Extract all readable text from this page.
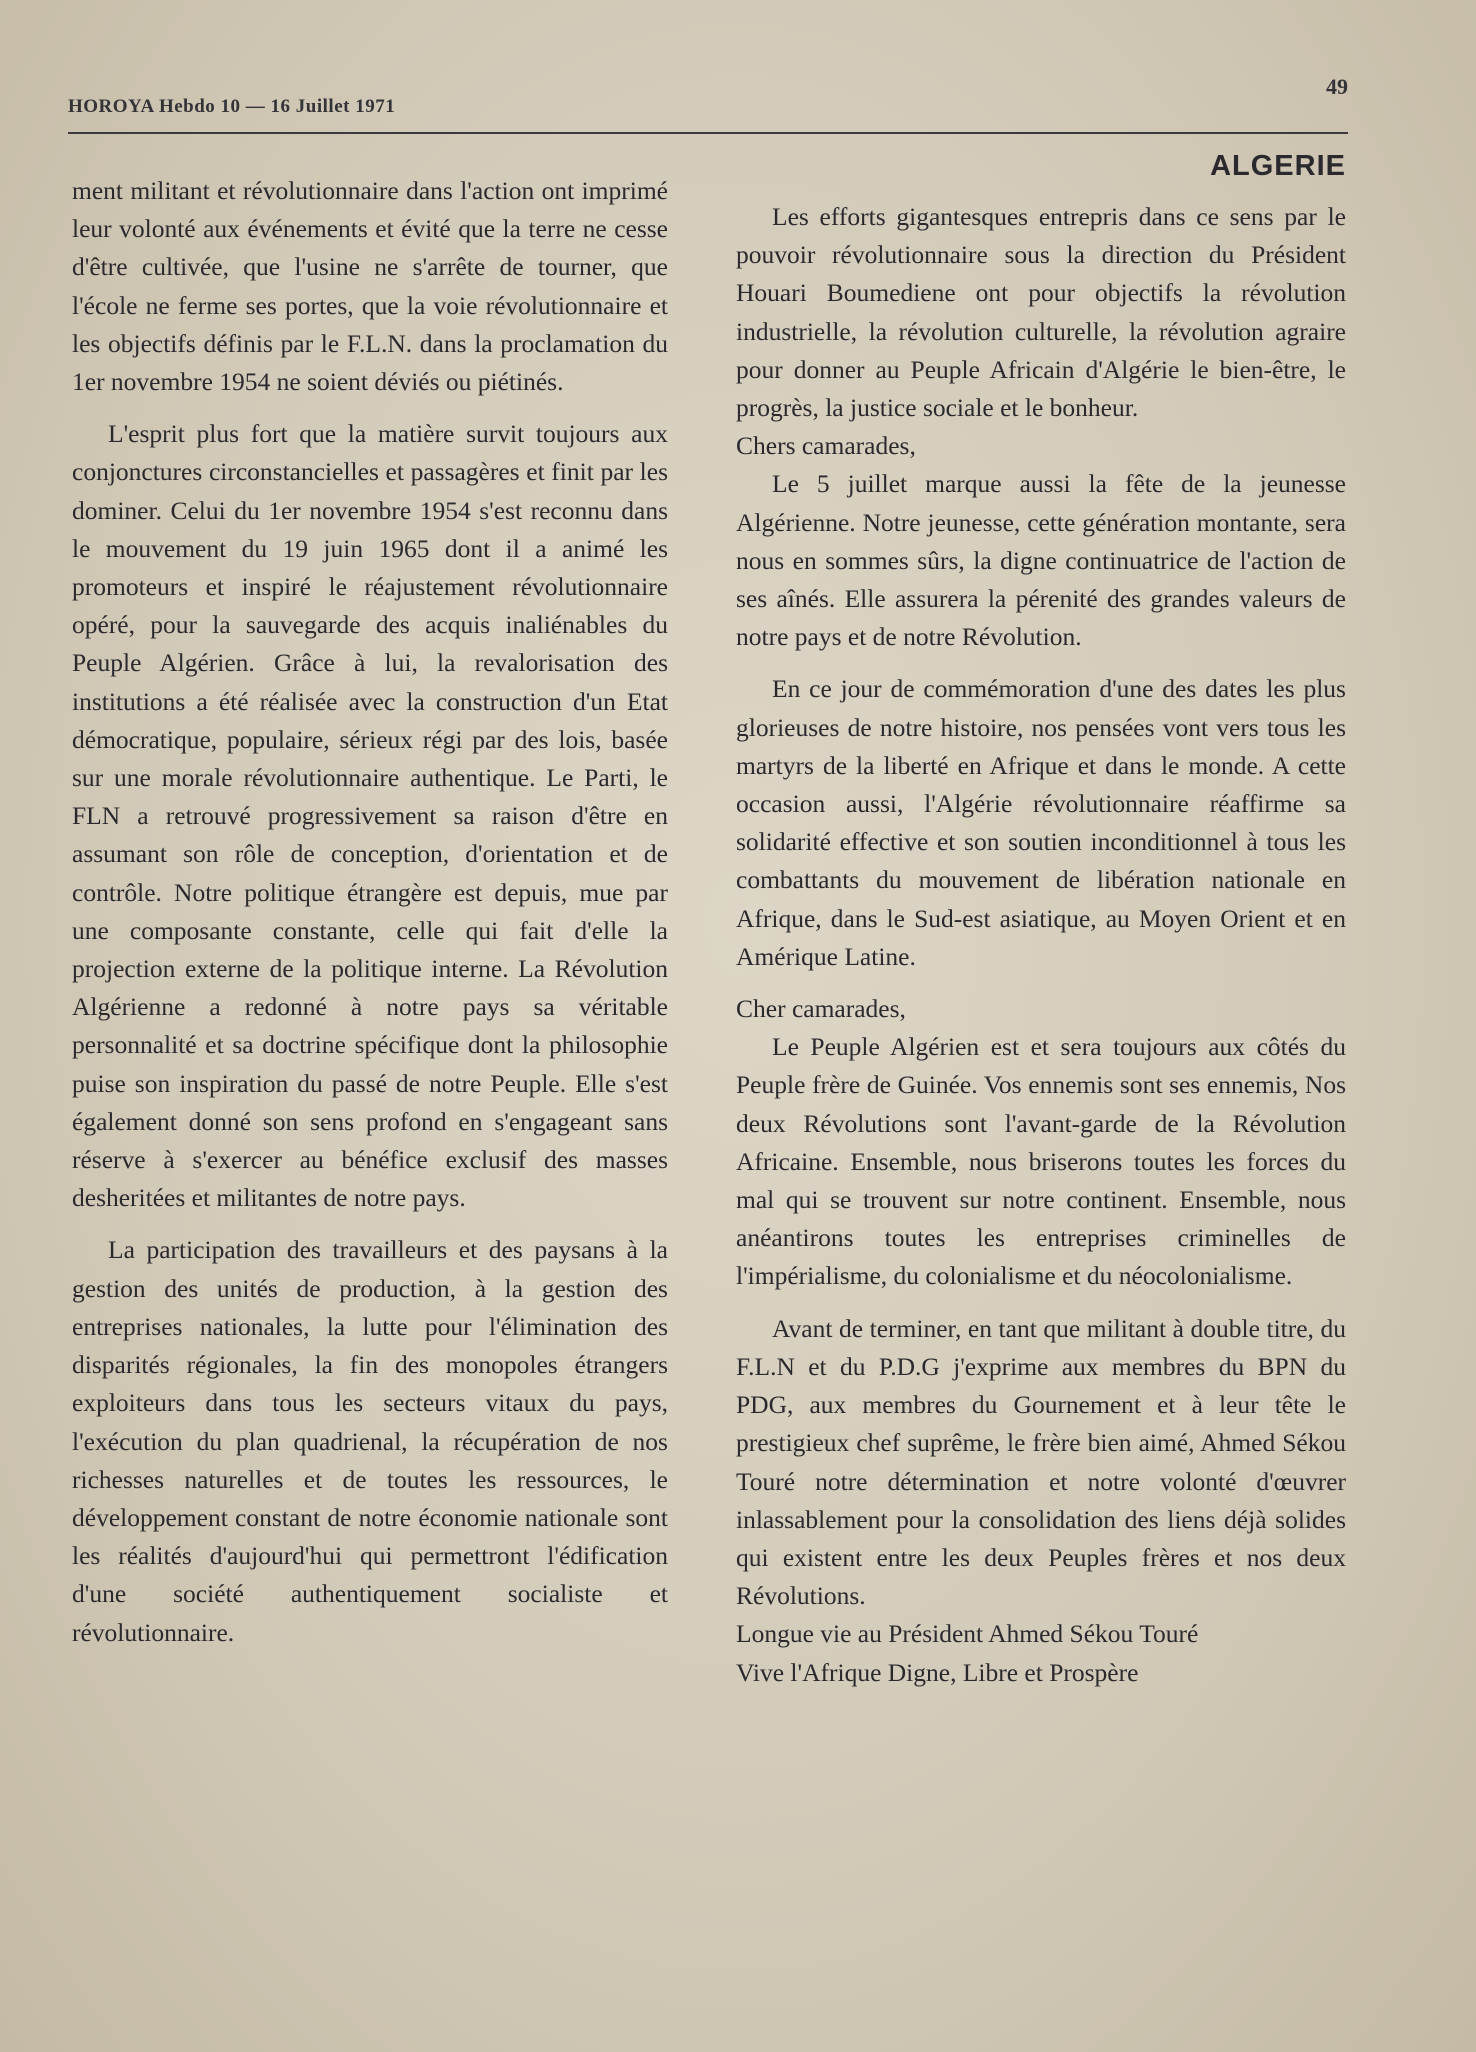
HOROYA Hebdo 10 — 16 Juillet 1971
49

ment militant et révolutionnaire dans l'action ont imprimé leur volonté aux événements et évité que la terre ne cesse d'être cultivée, que l'usine ne s'arrête de tourner, que l'école ne ferme ses portes, que la voie révolutionnaire et les objectifs définis par le F.L.N. dans la proclamation du 1er novembre 1954 ne soient déviés ou piétinés.

L'esprit plus fort que la matière survit toujours aux conjonctures circonstancielles et passagères et finit par les dominer. Celui du 1er novembre 1954 s'est reconnu dans le mouvement du 19 juin 1965 dont il a animé les promoteurs et inspiré le réajustement révolutionnaire opéré, pour la sauvegarde des acquis inaliénables du Peuple Algérien. Grâce à lui, la revalorisation des institutions a été réalisée avec la construction d'un Etat démocratique, populaire, sérieux régi par des lois, basée sur une morale révolutionnaire authentique. Le Parti, le FLN a retrouvé progressivement sa raison d'être en assumant son rôle de conception, d'orientation et de contrôle. Notre politique étrangère est depuis, mue par une composante constante, celle qui fait d'elle la projection externe de la politique interne. La Révolution Algérienne a redonné à notre pays sa véritable personnalité et sa doctrine spécifique dont la philosophie puise son inspiration du passé de notre Peuple. Elle s'est également donné son sens profond en s'engageant sans réserve à s'exercer au bénéfice exclusif des masses desheritées et militantes de notre pays.

La participation des travailleurs et des paysans à la gestion des unités de production, à la gestion des entreprises nationales, la lutte pour l'élimination des disparités régionales, la fin des monopoles étrangers exploiteurs dans tous les secteurs vitaux du pays, l'exécution du plan quadrienal, la récupération de nos richesses naturelles et de toutes les ressources, le développement constant de notre économie nationale sont les réalités d'aujourd'hui qui permettront l'édification d'une société authentiquement socialiste et révolutionnaire.

ALGERIE

Les efforts gigantesques entrepris dans ce sens par le pouvoir révolutionnaire sous la direction du Président Houari Boumediene ont pour objectifs la révolution industrielle, la révolution culturelle, la révolution agraire pour donner au Peuple Africain d'Algérie le bien-être, le progrès, la justice sociale et le bonheur.

Chers camarades,

Le 5 juillet marque aussi la fête de la jeunesse Algérienne. Notre jeunesse, cette génération montante, sera nous en sommes sûrs, la digne continuatrice de l'action de ses aînés. Elle assurera la pérenité des grandes valeurs de notre pays et de notre Révolution.

En ce jour de commémoration d'une des dates les plus glorieuses de notre histoire, nos pensées vont vers tous les martyrs de la liberté en Afrique et dans le monde. A cette occasion aussi, l'Algérie révolutionnaire réaffirme sa solidarité effective et son soutien inconditionnel à tous les combattants du mouvement de libération nationale en Afrique, dans le Sud-est asiatique, au Moyen Orient et en Amérique Latine.

Cher camarades,

Le Peuple Algérien est et sera toujours aux côtés du Peuple frère de Guinée. Vos ennemis sont ses ennemis, Nos deux Révolutions sont l'avant-garde de la Révolution Africaine. Ensemble, nous briserons toutes les forces du mal qui se trouvent sur notre continent. Ensemble, nous anéantirons toutes les entreprises criminelles de l'impérialisme, du colonialisme et du néocolonialisme.

Avant de terminer, en tant que militant à double titre, du F.L.N et du P.D.G j'exprime aux membres du BPN du PDG, aux membres du Gournement et à leur tête le prestigieux chef suprême, le frère bien aimé, Ahmed Sékou Touré notre détermination et notre volonté d'œuvrer inlassablement pour la consolidation des liens déjà solides qui existent entre les deux Peuples frères et nos deux Révolutions.

Longue vie au Président Ahmed Sékou Touré

Vive l'Afrique Digne, Libre et Prospère
